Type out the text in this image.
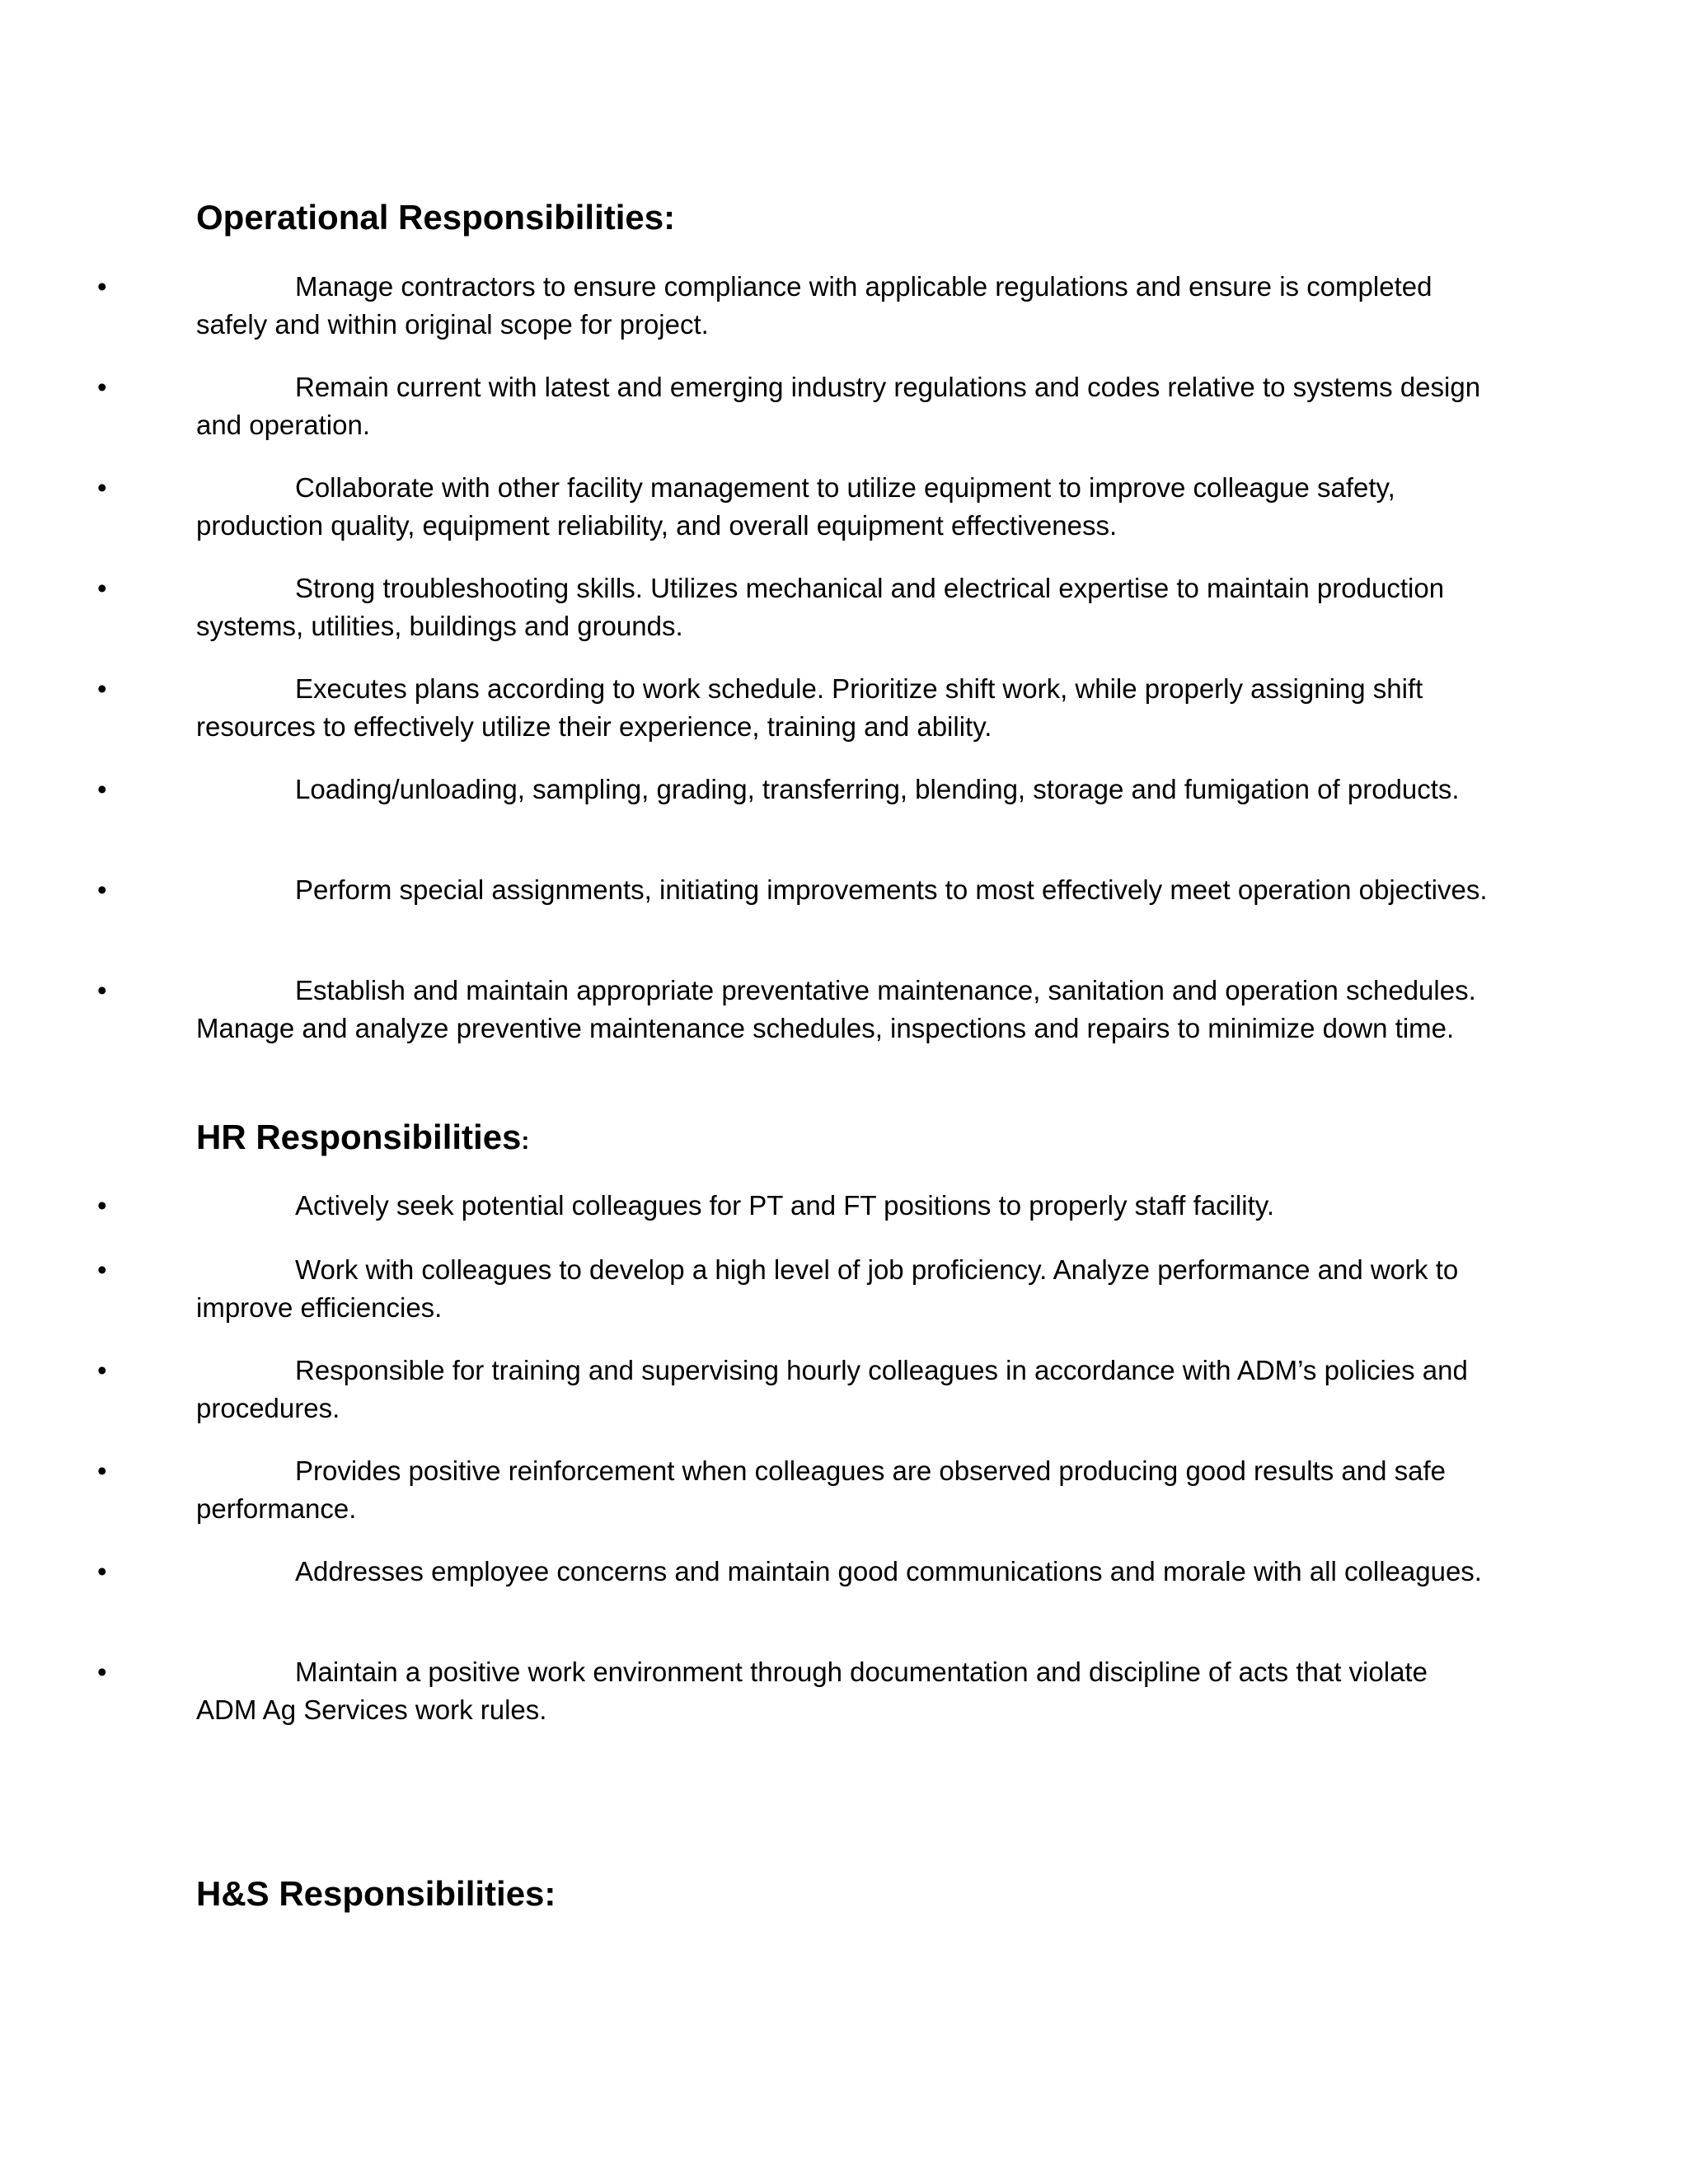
Operational Responsibilities:

•	Manage contractors to ensure compliance with applicable regulations and ensure is completed safely and within original scope for project.

•	Remain current with latest and emerging industry regulations and codes relative to systems design and operation.

•	Collaborate with other facility management to utilize equipment to improve colleague safety, production quality, equipment reliability, and overall equipment effectiveness.

•	Strong troubleshooting skills. Utilizes mechanical and electrical expertise to maintain production systems, utilities, buildings and grounds.

•	Executes plans according to work schedule. Prioritize shift work, while properly assigning shift resources to effectively utilize their experience, training and ability.

•	Loading/unloading, sampling, grading, transferring, blending, storage and fumigation of products.

•	Perform special assignments, initiating improvements to most effectively meet operation objectives.

•	Establish and maintain appropriate preventative maintenance, sanitation and operation schedules. Manage and analyze preventive maintenance schedules, inspections and repairs to minimize down time.

HR Responsibilities:

•	Actively seek potential colleagues for PT and FT positions to properly staff facility.

•	Work with colleagues to develop a high level of job proficiency. Analyze performance and work to improve efficiencies.

•	Responsible for training and supervising hourly colleagues in accordance with ADM’s policies and procedures.

•	Provides positive reinforcement when colleagues are observed producing good results and safe performance.

•	Addresses employee concerns and maintain good communications and morale with all colleagues.

•	Maintain a positive work environment through documentation and discipline of acts that violate ADM Ag Services work rules.

H&S Responsibilities:
